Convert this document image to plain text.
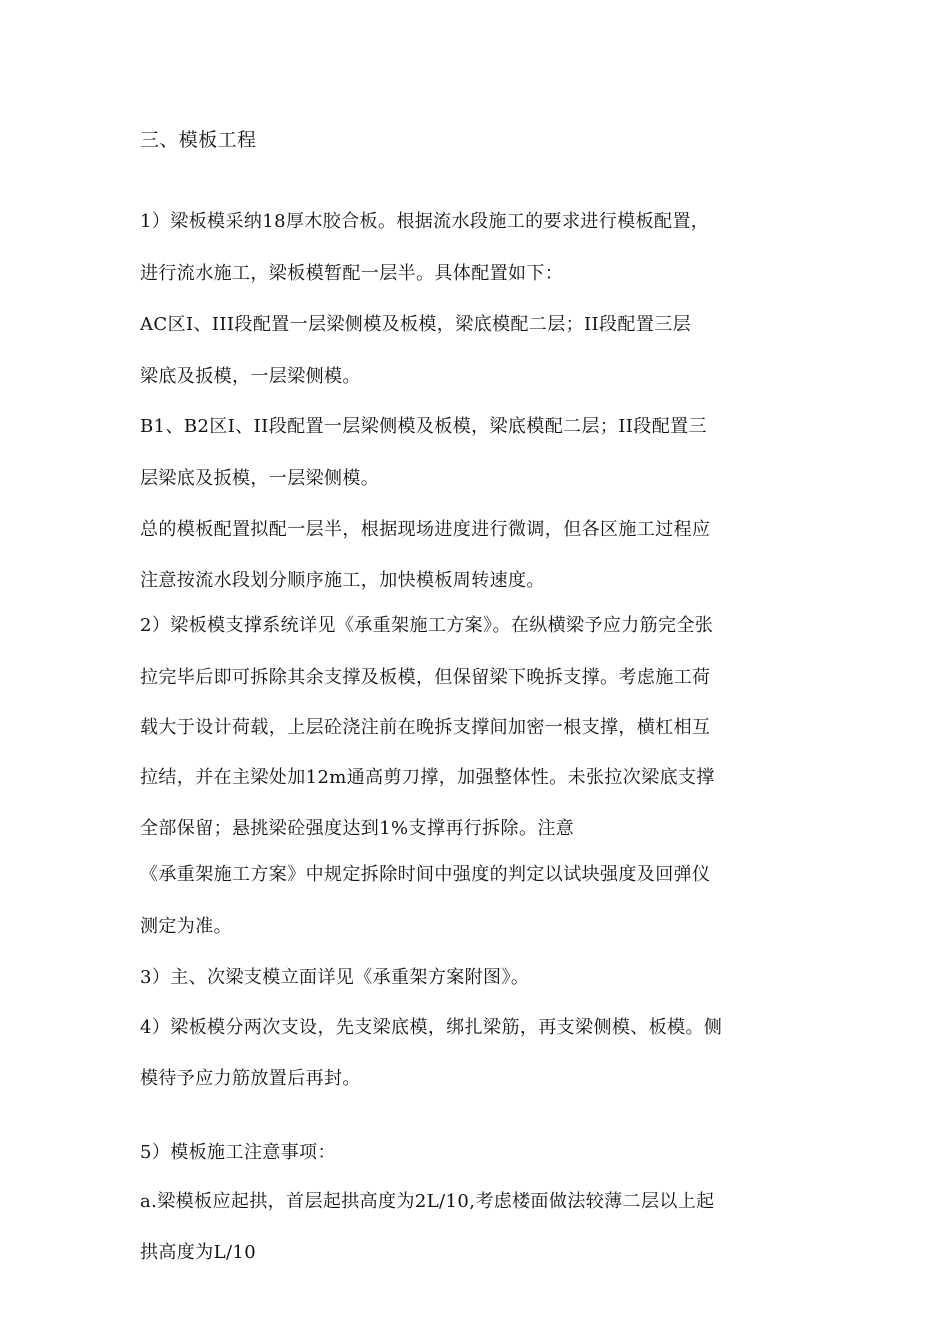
三、模板工程
1）梁板模采纳18厚木胶合板。根据流水段施工的要求进行模板配置，
进行流水施工，梁板模暂配一层半。具体配置如下：
AC区I、III段配置一层梁侧模及板模，梁底模配二层；II段配置三层
梁底及扳模，一层梁侧模。
B1、B2区I、II段配置一层梁侧模及板模，梁底模配二层；II段配置三
层梁底及扳模，一层梁侧模。
总的模板配置拟配一层半，根据现场进度进行微调，但各区施工过程应
注意按流水段划分顺序施工，加快模板周转速度。
2）梁板模支撑系统详见《承重架施工方案》。在纵横梁予应力筋完全张
拉完毕后即可拆除其余支撑及板模，但保留梁下晚拆支撑。考虑施工荷
载大于设计荷载，上层砼浇注前在晚拆支撑间加密一根支撑，横杠相互
拉结，并在主梁处加12m通高剪刀撑，加强整体性。未张拉次梁底支撑
全部保留；悬挑梁砼强度达到1%支撑再行拆除。注意
《承重架施工方案》中规定拆除时间中强度的判定以试块强度及回弹仪
测定为准。
3）主、次梁支模立面详见《承重架方案附图》。
4）梁板模分两次支设，先支梁底模，绑扎梁筋，再支梁侧模、板模。侧
模待予应力筋放置后再封。
5）模板施工注意事项：
a.梁模板应起拱，首层起拱高度为2L/10,考虑楼面做法较薄二层以上起
拱高度为L/10
